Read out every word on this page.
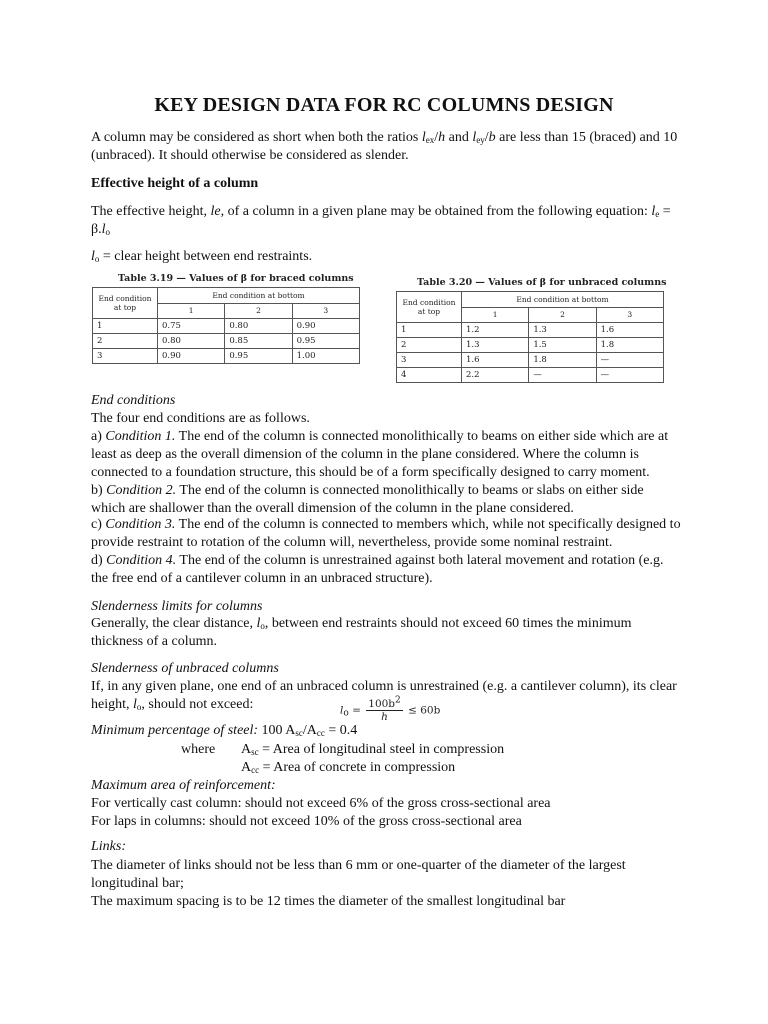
KEY DESIGN DATA FOR RC COLUMNS DESIGN

A column may be considered as short when both the ratios $l_{ex}/h$ and $l_{ey}/b$ are less than 15 (braced) and 10 (unbraced). It should otherwise be considered as slender.

Effective height of a column

The effective height, le, of a column in a given plane may be obtained from the following equation: $l_e = \beta.l_o$

$l_o$ = clear height between end restraints.

Table 3.19 — Values of β for braced columns
End condition at top	End condition at bottom		
	1	2	3
1	0.75	0.80	0.90
2	0.80	0.85	0.95
3	0.90	0.95	1.00
Table 3.20 — Values of β for unbraced columns
End condition at top	End condition at bottom		
	1	2	3
1	1.2	1.3	1.6
2	1.3	1.5	1.8
3	1.6	1.8	—
4	2.2	—	—

End conditions

The four end conditions are as follows.

a) Condition 1. The end of the column is connected monolithically to beams on either side which are at least as deep as the overall dimension of the column in the plane considered. Where the column is connected to a foundation structure, this should be of a form specifically designed to carry moment.

b) Condition 2. The end of the column is connected monolithically to beams or slabs on either side which are shallower than the overall dimension of the column in the plane considered.

c) Condition 3. The end of the column is connected to members which, while not specifically designed to provide restraint to rotation of the column will, nevertheless, provide some nominal restraint.

d) Condition 4. The end of the column is unrestrained against both lateral movement and rotation (e.g. the free end of a cantilever column in an unbraced structure).

Slenderness limits for columns

Generally, the clear distance, $l_o$, between end restraints should not exceed 60 times the minimum thickness of a column.

Slenderness of unbraced columns

If, in any given plane, one end of an unbraced column is unrestrained (e.g. a cantilever column), its clear height, $l_o$, should not exceed:	$l_o = \frac{100b^2}{h} \le 60b$

Minimum percentage of steel: 100 $A_{sc}/A_{cc} = 0.4$

where $A_{sc}$ = Area of longitudinal steel in compression
$A_{cc}$ = Area of concrete in compression

Maximum area of reinforcement:

For vertically cast column: should not exceed 6% of the gross cross-sectional area

For laps in columns: should not exceed 10% of the gross cross-sectional area

Links:

The diameter of links should not be less than 6 mm or one-quarter of the diameter of the largest longitudinal bar;

The maximum spacing is to be 12 times the diameter of the smallest longitudinal bar
